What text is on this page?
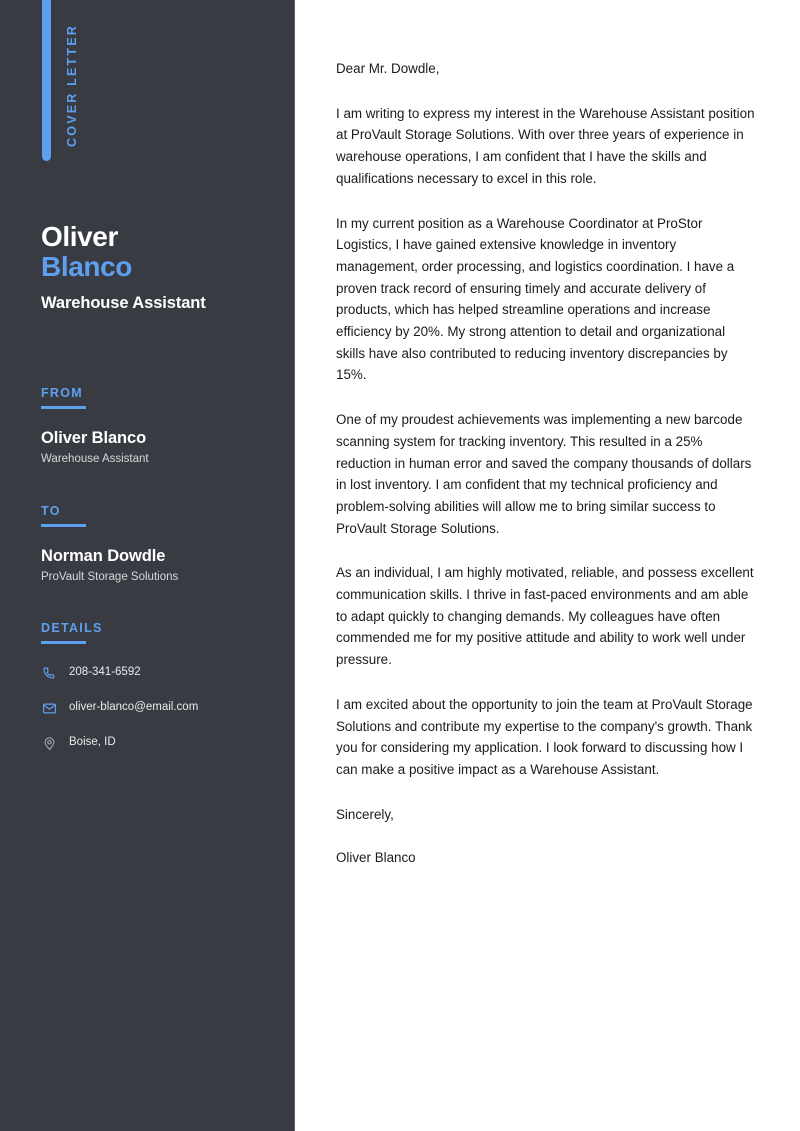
COVER LETTER
Oliver
Blanco
Warehouse Assistant
FROM
Oliver Blanco
Warehouse Assistant
TO
Norman Dowdle
ProVault Storage Solutions
DETAILS
208-341-6592
oliver-blanco@email.com
Boise, ID

Dear Mr. Dowdle,

I am writing to express my interest in the Warehouse Assistant position at ProVault Storage Solutions. With over three years of experience in warehouse operations, I am confident that I have the skills and qualifications necessary to excel in this role.

In my current position as a Warehouse Coordinator at ProStor Logistics, I have gained extensive knowledge in inventory management, order processing, and logistics coordination. I have a proven track record of ensuring timely and accurate delivery of products, which has helped streamline operations and increase efficiency by 20%. My strong attention to detail and organizational skills have also contributed to reducing inventory discrepancies by 15%.

One of my proudest achievements was implementing a new barcode scanning system for tracking inventory. This resulted in a 25% reduction in human error and saved the company thousands of dollars in lost inventory. I am confident that my technical proficiency and problem-solving abilities will allow me to bring similar success to ProVault Storage Solutions.

As an individual, I am highly motivated, reliable, and possess excellent communication skills. I thrive in fast-paced environments and am able to adapt quickly to changing demands. My colleagues have often commended me for my positive attitude and ability to work well under pressure.

I am excited about the opportunity to join the team at ProVault Storage Solutions and contribute my expertise to the company's growth. Thank you for considering my application. I look forward to discussing how I can make a positive impact as a Warehouse Assistant.

Sincerely,

Oliver Blanco
